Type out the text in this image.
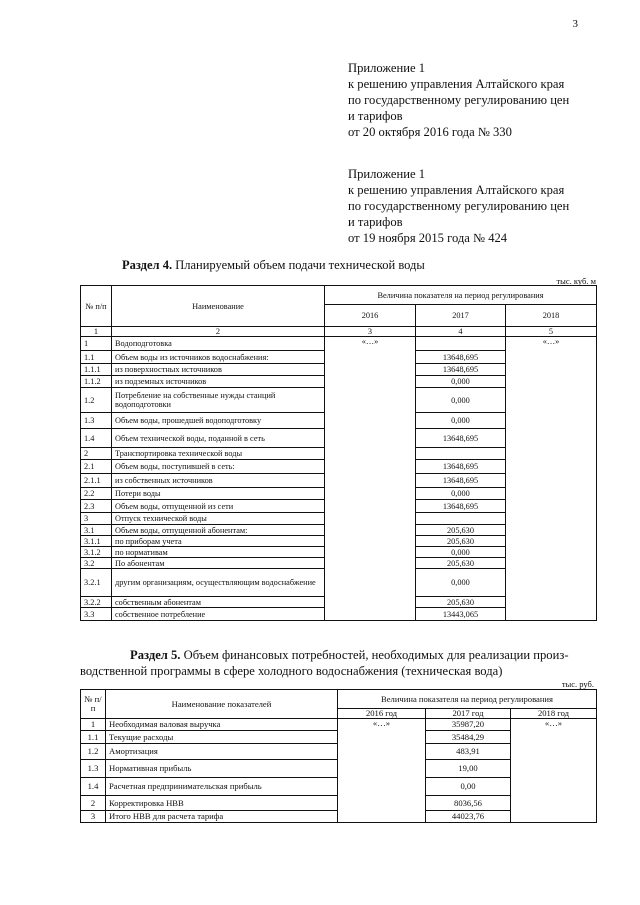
3
Приложение 1
к решению управления Алтайского края
по государственному регулированию цен
и тарифов
от 20 октября 2016 года № 330
Приложение 1
к решению управления Алтайского края
по государственному регулированию цен
и тарифов
от 19 ноября 2015 года № 424
Раздел 4. Планируемый объем подачи технической воды
тыс. куб. м
№ п/п	Наименование	Величина показателя на период регулирования		
		2016	2017	2018
1	2	3	4	5
1	Водоподготовка	«…»		«…»
1.1	Объем воды из источников водоснабжения:		13648,695	
1.1.1	из поверхностных источников		13648,695	
1.1.2	из подземных источников		0,000	
1.2	Потребление на собственные нужды станций водоподготовки		0,000	
1.3	Объем воды, прошедшей водоподготовку		0,000	
1.4	Объем технической воды, поданной в сеть		13648,695	
2	Транспортировка технической воды			
2.1	Объем воды, поступившей в сеть:		13648,695	
2.1.1	из собственных источников		13648,695	
2.2	Потери воды		0,000	
2.3	Объем воды, отпущенной из сети		13648,695	
3	Отпуск технической воды			
3.1	Объем воды, отпущенной абонентам:		205,630	
3.1.1	по приборам учета		205,630	
3.1.2	по нормативам		0,000	
3.2	По абонентам		205,630	
3.2.1	другим организациям, осуществляющим водоснабжение		0,000	
3.2.2	собственным абонентам		205,630	
3.3	собственное потребление		13443,065	
Раздел 5. Объем финансовых потребностей, необходимых для реализации произ-
водственной программы в сфере холодного водоснабжения (техническая вода)
тыс. руб.
№ п/п	Наименование показателей	Величина показателя на период регулирования		
		2016 год	2017 год	2018 год
1	Необходимая валовая выручка	«…»	35987,20	«…»
1.1	Текущие расходы		35484,29	
1.2	Амортизация		483,91	
1.3	Нормативная прибыль		19,00	
1.4	Расчетная предпринимательская прибыль		0,00	
2	Корректировка НВВ		8036,56	
3	Итого НВВ для расчета тарифа		44023,76	
